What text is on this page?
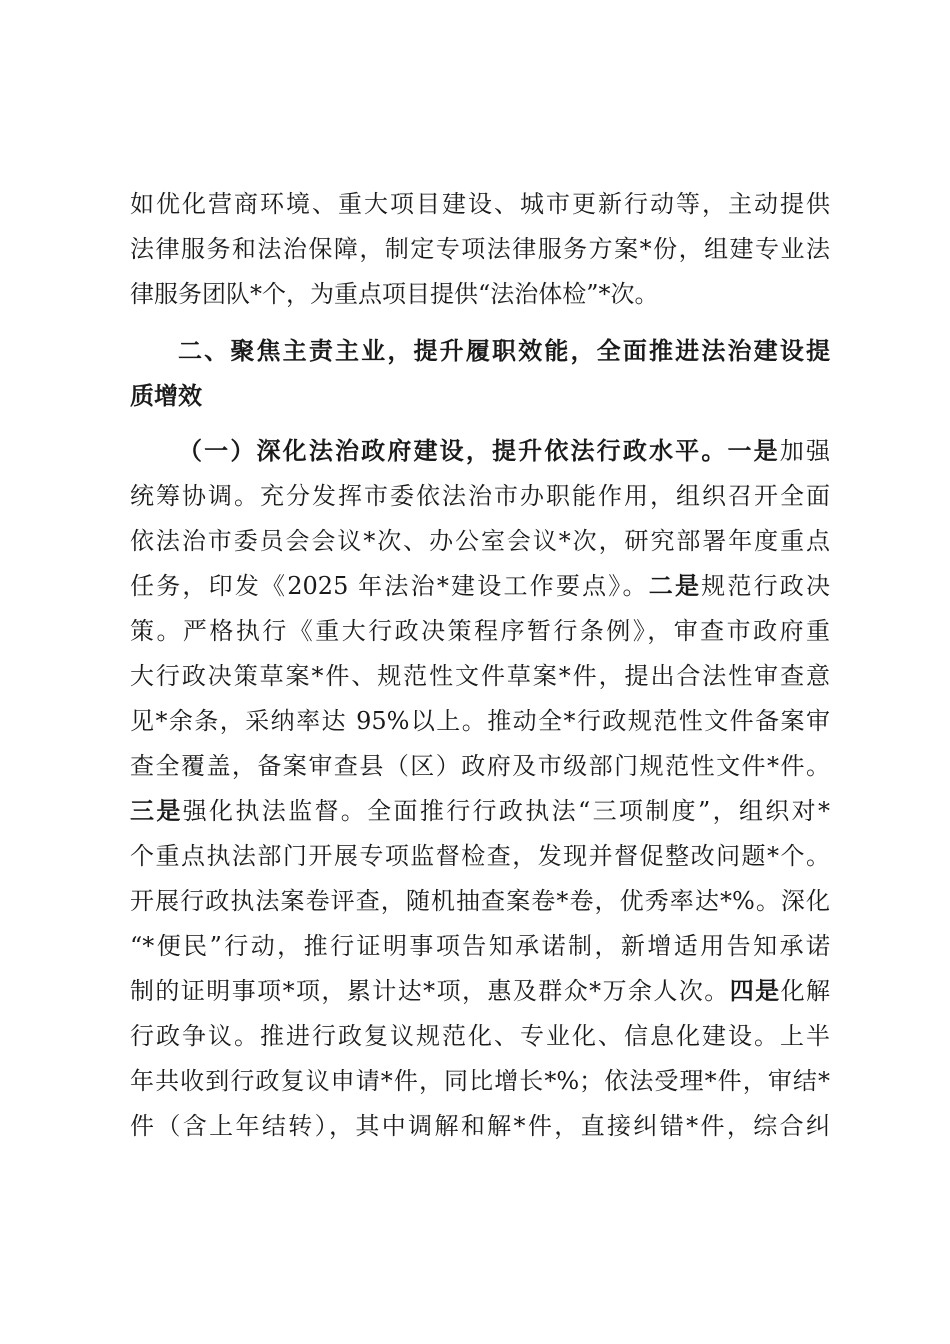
如优化营商环境、重大项目建设、城市更新行动等，主动提供
法律服务和法治保障，制定专项法律服务方案*份，组建专业法
律服务团队*个，为重点项目提供“法治体检”*次。
二、聚焦主责主业，提升履职效能，全面推进法治建设提
质增效
（一）深化法治政府建设，提升依法行政水平。一是加强
统筹协调。充分发挥市委依法治市办职能作用，组织召开全面
依法治市委员会会议*次、办公室会议*次，研究部署年度重点
任务，印发《2025 年法治*建设工作要点》。二是规范行政决
策。严格执行《重大行政决策程序暂行条例》，审查市政府重
大行政决策草案*件、规范性文件草案*件，提出合法性审查意
见*余条，采纳率达 95%以上。推动全*行政规范性文件备案审
查全覆盖，备案审查县（区）政府及市级部门规范性文件*件。
三是强化执法监督。全面推行行政执法“三项制度”，组织对*
个重点执法部门开展专项监督检查，发现并督促整改问题*个。
开展行政执法案卷评查，随机抽查案卷*卷，优秀率达*%。深化
“*便民”行动，推行证明事项告知承诺制，新增适用告知承诺
制的证明事项*项，累计达*项，惠及群众*万余人次。四是化解
行政争议。推进行政复议规范化、专业化、信息化建设。上半
年共收到行政复议申请*件，同比增长*%；依法受理*件，审结*
件（含上年结转），其中调解和解*件，直接纠错*件，综合纠
